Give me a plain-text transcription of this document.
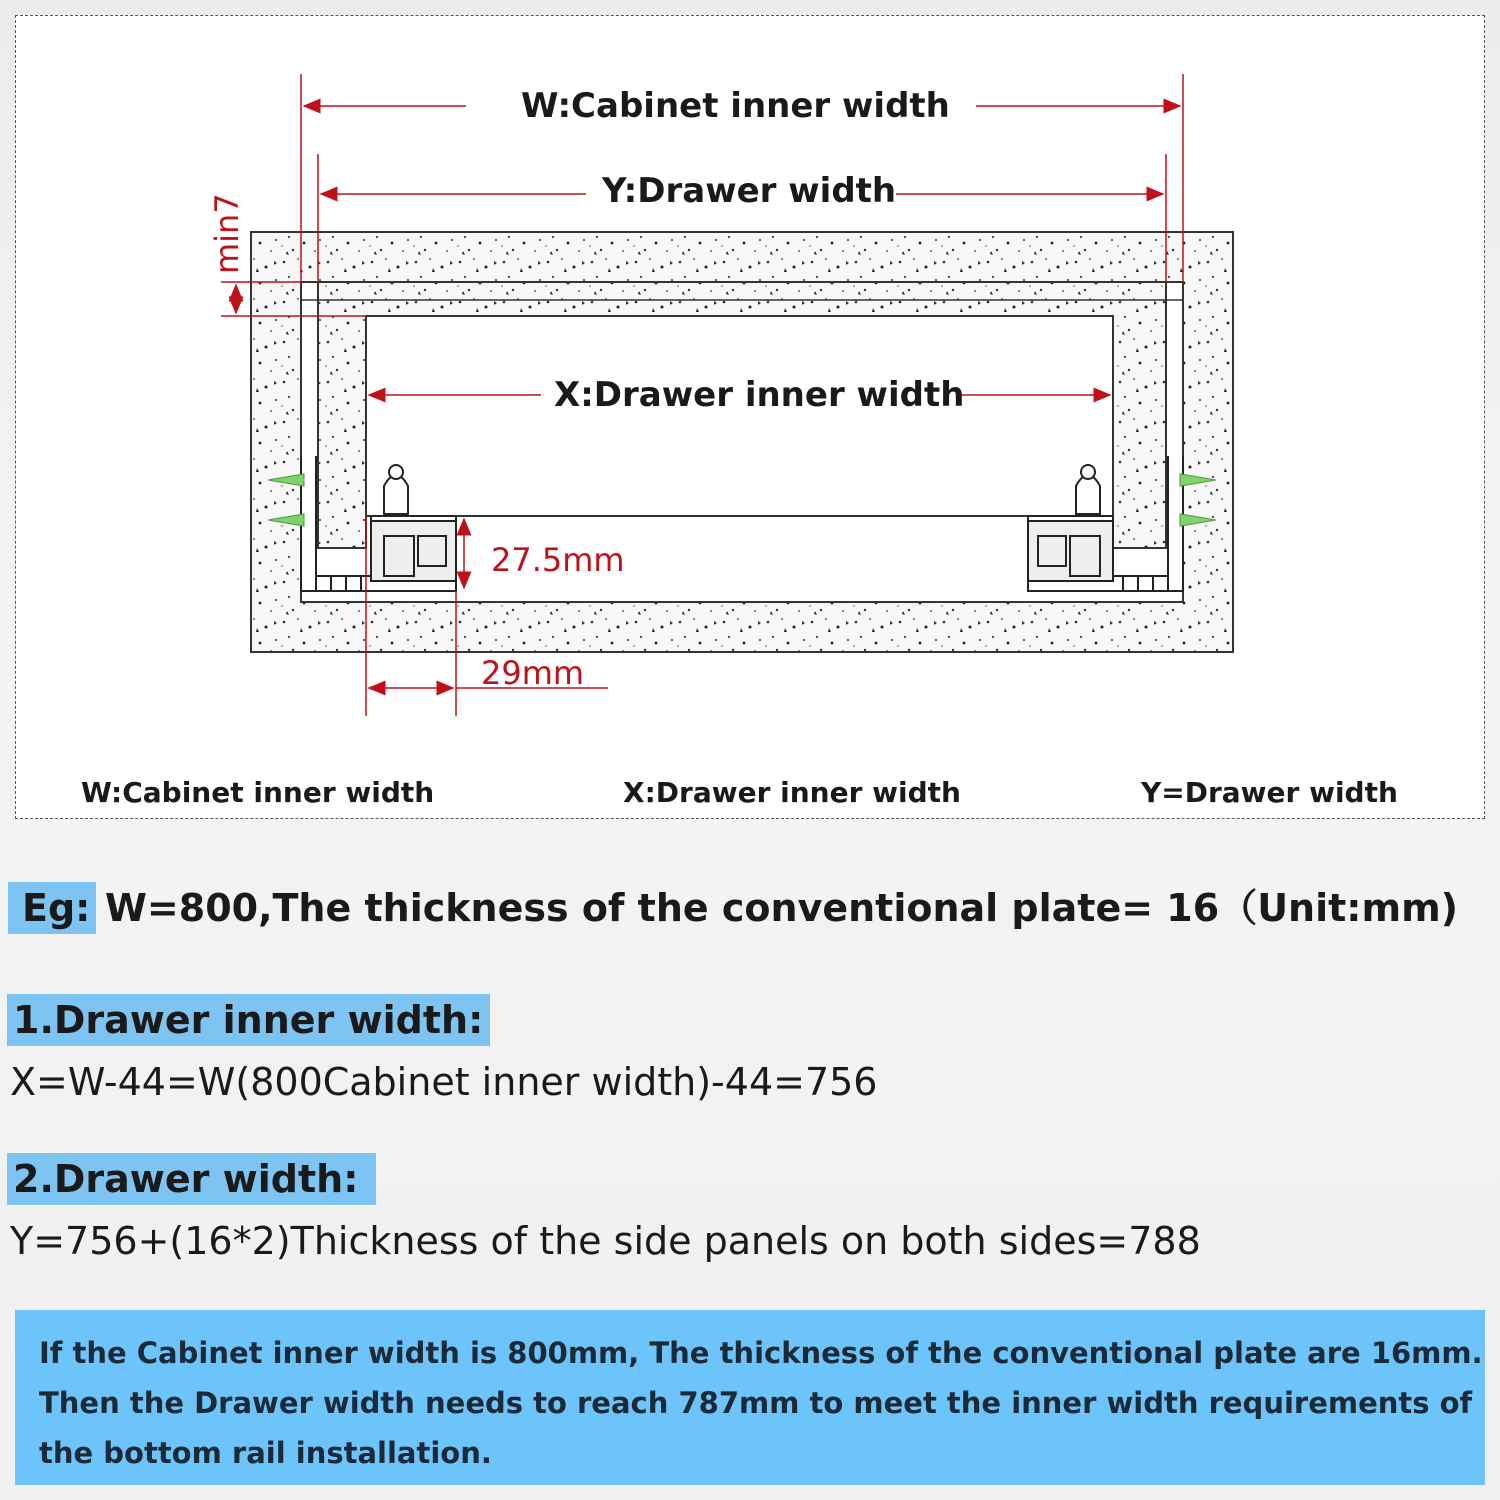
W:Cabinet inner width
Y:Drawer width
X:Drawer inner width
27.5mm
29mm
min7
W:Cabinet inner width	X:Drawer inner width	Y=Drawer width
Eg: W=800,The thickness of the conventional plate= 16（Unit:mm)
1.Drawer inner width:
X=W-44=W(800Cabinet inner width)-44=756
2.Drawer width:
Y=756+(16*2)Thickness of the side panels on both sides=788
If the Cabinet inner width is 800mm, The thickness of the conventional plate are 16mm.
Then the Drawer width needs to reach 787mm to meet the inner width requirements of
the bottom rail installation.
